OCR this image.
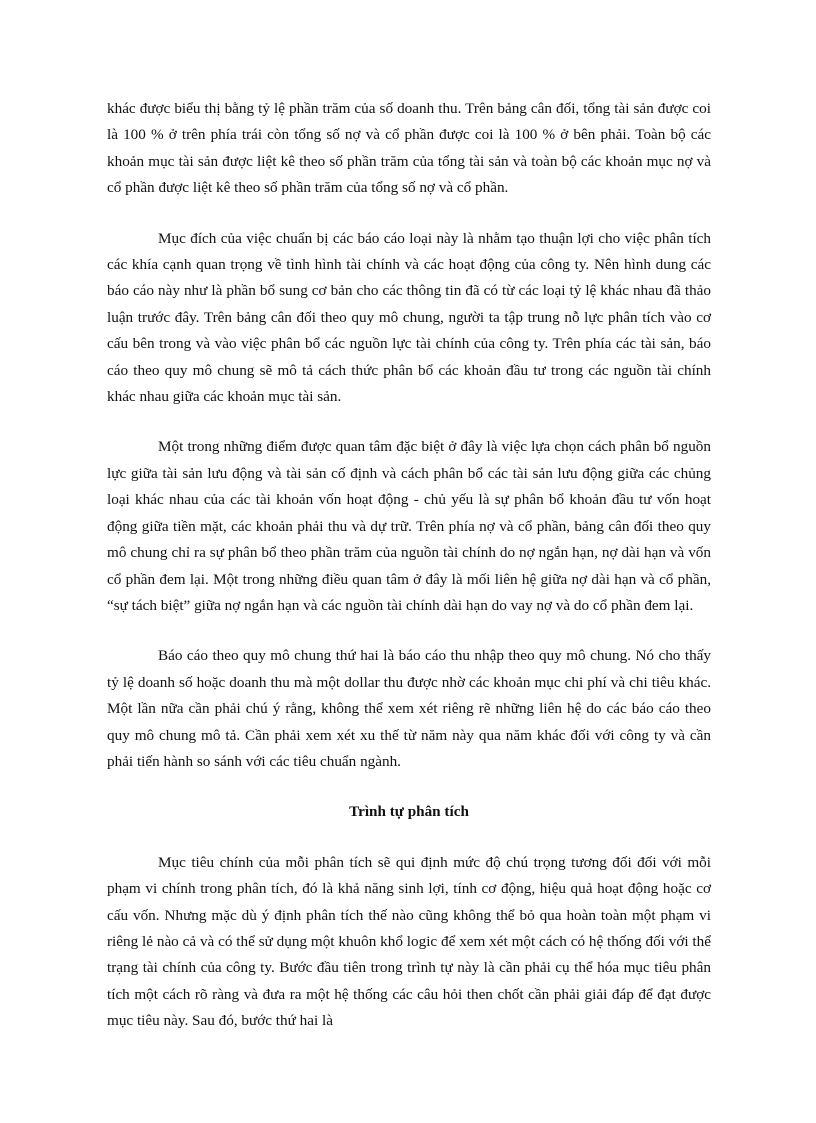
khác được biểu thị bằng tỷ lệ phần trăm của số doanh thu. Trên bảng cân đối, tổng tài sản được coi là 100 % ở trên phía trái còn tổng số nợ và cổ phần được coi là 100 % ở bên phải. Toàn bộ các khoản mục tài sản được liệt kê theo số phần trăm của tổng tài sản và toàn bộ các khoản mục nợ và cổ phần được liệt kê theo số phần trăm của tổng số nợ và cổ phần.

Mục đích của việc chuẩn bị các báo cáo loại này là nhằm tạo thuận lợi cho việc phân tích các khía cạnh quan trọng về tình hình tài chính và các hoạt động của công ty. Nên hình dung các báo cáo này như là phần bổ sung cơ bản cho các thông tin đã có từ các loại tỷ lệ khác nhau đã thảo luận trước đây. Trên bảng cân đối theo quy mô chung, người ta tập trung nỗ lực phân tích vào cơ cấu bên trong và vào việc phân bổ các nguồn lực tài chính của công ty. Trên phía các tài sản, báo cáo theo quy mô chung sẽ mô tả cách thức phân bổ các khoản đầu tư trong các nguồn tài chính khác nhau giữa các khoản mục tài sản.

Một trong những điểm được quan tâm đặc biệt ở đây là việc lựa chọn cách phân bổ nguồn lực giữa tài sản lưu động và tài sản cố định và cách phân bổ các tài sản lưu động giữa các chủng loại khác nhau của các tài khoản vốn hoạt động - chủ yếu là sự phân bổ khoản đầu tư vốn hoạt động giữa tiền mặt, các khoản phải thu và dự trữ. Trên phía nợ và cổ phần, bảng cân đối theo quy mô chung chỉ ra sự phân bổ theo phần trăm của nguồn tài chính do nợ ngắn hạn, nợ dài hạn và vốn cổ phần đem lại. Một trong những điều quan tâm ở đây là mối liên hệ giữa nợ dài hạn và cổ phần, “sự tách biệt” giữa nợ ngắn hạn và các nguồn tài chính dài hạn do vay nợ và do cổ phần đem lại.

Báo cáo theo quy mô chung thứ hai là báo cáo thu nhập theo quy mô chung. Nó cho thấy tỷ lệ doanh số hoặc doanh thu mà một dollar thu được nhờ các khoản mục chi phí và chi tiêu khác. Một lần nữa cần phải chú ý rằng, không thể xem xét riêng rẽ những liên hệ do các báo cáo theo quy mô chung mô tả. Cần phải xem xét xu thế từ năm này qua năm khác đối với công ty và cần phải tiến hành so sánh với các tiêu chuẩn ngành.

Trình tự phân tích

Mục tiêu chính của mỗi phân tích sẽ qui định mức độ chú trọng tương đối đối với mỗi phạm vi chính trong phân tích, đó là khả năng sinh lợi, tính cơ động, hiệu quả hoạt động hoặc cơ cấu vốn. Nhưng mặc dù ý định phân tích thế nào cũng không thể bỏ qua hoàn toàn một phạm vi riêng lẻ nào cả và có thể sử dụng một khuôn khổ logic để xem xét một cách có hệ thống đối với thể trạng tài chính của công ty. Bước đầu tiên trong trình tự này là cần phải cụ thể hóa mục tiêu phân tích một cách rõ ràng và đưa ra một hệ thống các câu hỏi then chốt cần phải giải đáp để đạt được mục tiêu này. Sau đó, bước thứ hai là
